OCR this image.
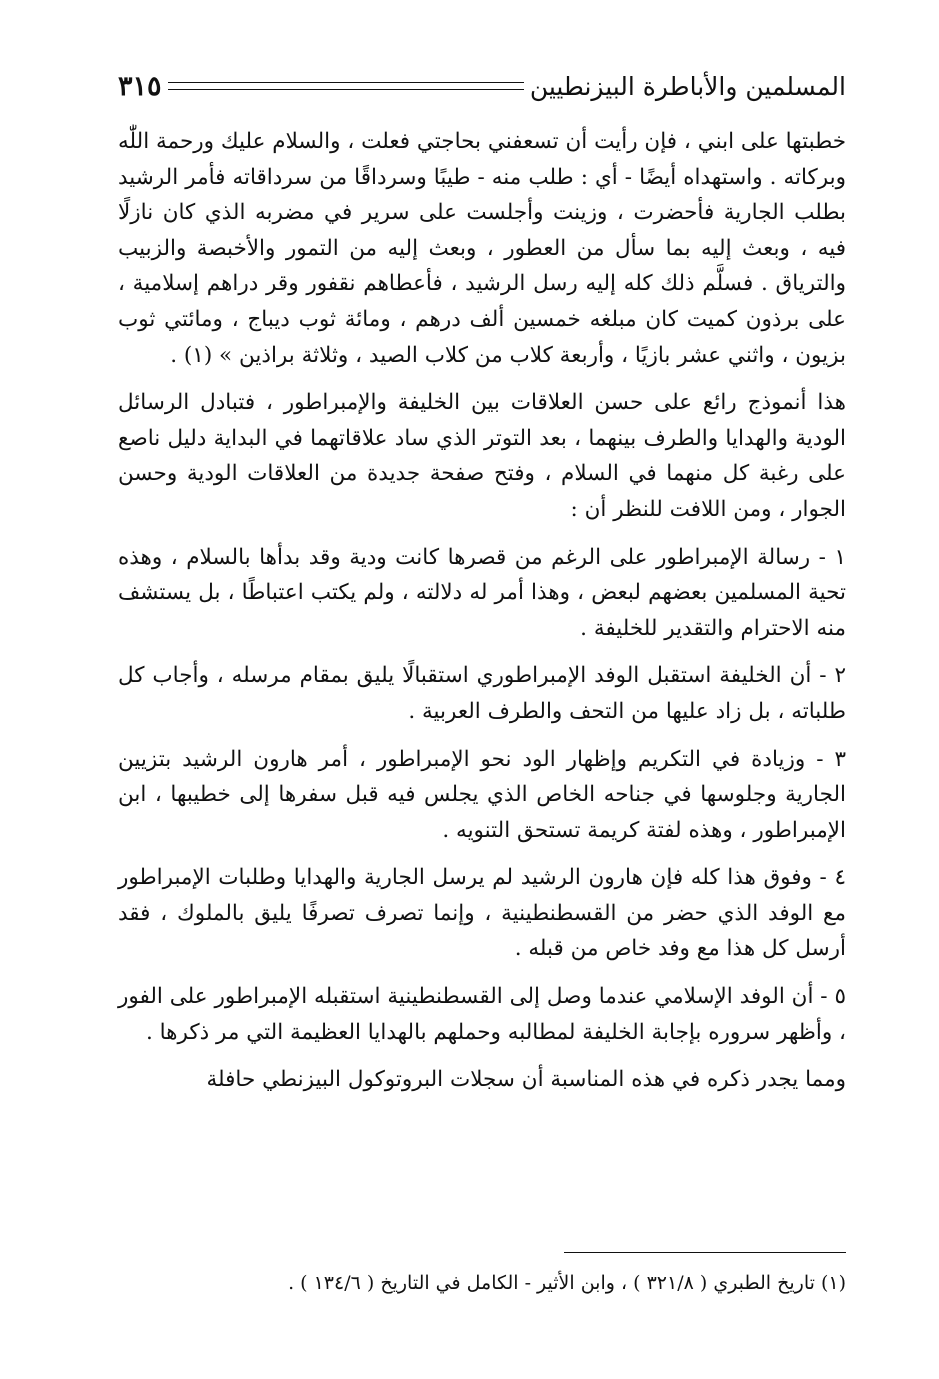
المسلمين والأباطرة البيزنطيين
٣١٥

خطبتها على ابني ، فإن رأيت أن تسعفني بحاجتي فعلت ، والسلام عليك ورحمة اللّٰه وبركاته . واستهداه أيضًا - أي : طلب منه - طيبًا وسرداقًا من سرداقاته فأمر الرشيد بطلب الجارية فأحضرت ، وزينت وأجلست على سرير في مضربه الذي كان نازلًا فيه ، وبعث إليه بما سأل من العطور ، وبعث إليه من التمور والأخبصة والزبيب والترياق . فسلَّم ذلك كله إليه رسل الرشيد ، فأعطاهم نقفور وقر دراهم إسلامية ، على برذون كميت كان مبلغه خمسين ألف درهم ، ومائة ثوب ديباج ، ومائتي ثوب بزيون ، واثني عشر بازيًا ، وأربعة كلاب من كلاب الصيد ، وثلاثة براذين » (١) .

هذا أنموذج رائع على حسن العلاقات بين الخليفة والإمبراطور ، فتبادل الرسائل الودية والهدايا والطرف بينهما ، بعد التوتر الذي ساد علاقاتهما في البداية دليل ناصع على رغبة كل منهما في السلام ، وفتح صفحة جديدة من العلاقات الودية وحسن الجوار ، ومن اللافت للنظر أن :

١ - رسالة الإمبراطور على الرغم من قصرها كانت ودية وقد بدأها بالسلام ، وهذه تحية المسلمين بعضهم لبعض ، وهذا أمر له دلالته ، ولم يكتب اعتباطًا ، بل يستشف منه الاحترام والتقدير للخليفة .

٢ - أن الخليفة استقبل الوفد الإمبراطوري استقبالًا يليق بمقام مرسله ، وأجاب كل طلباته ، بل زاد عليها من التحف والطرف العربية .

٣ - وزيادة في التكريم وإظهار الود نحو الإمبراطور ، أمر هارون الرشيد بتزيين الجارية وجلوسها في جناحه الخاص الذي يجلس فيه قبل سفرها إلى خطيبها ، ابن الإمبراطور ، وهذه لفتة كريمة تستحق التنويه .

٤ - وفوق هذا كله فإن هارون الرشيد لم يرسل الجارية والهدايا وطلبات الإمبراطور مع الوفد الذي حضر من القسطنطينية ، وإنما تصرف تصرفًا يليق بالملوك ، فقد أرسل كل هذا مع وفد خاص من قبله .

٥ - أن الوفد الإسلامي عندما وصل إلى القسطنطينية استقبله الإمبراطور على الفور ، وأظهر سروره بإجابة الخليفة لمطالبه وحملهم بالهدايا العظيمة التي مر ذكرها .

ومما يجدر ذكره في هذه المناسبة أن سجلات البروتوكول البيزنطي حافلة

(١) تاريخ الطبري ( ٣٢١/٨ ) ، وابن الأثير - الكامل في التاريخ ( ١٣٤/٦ ) .
